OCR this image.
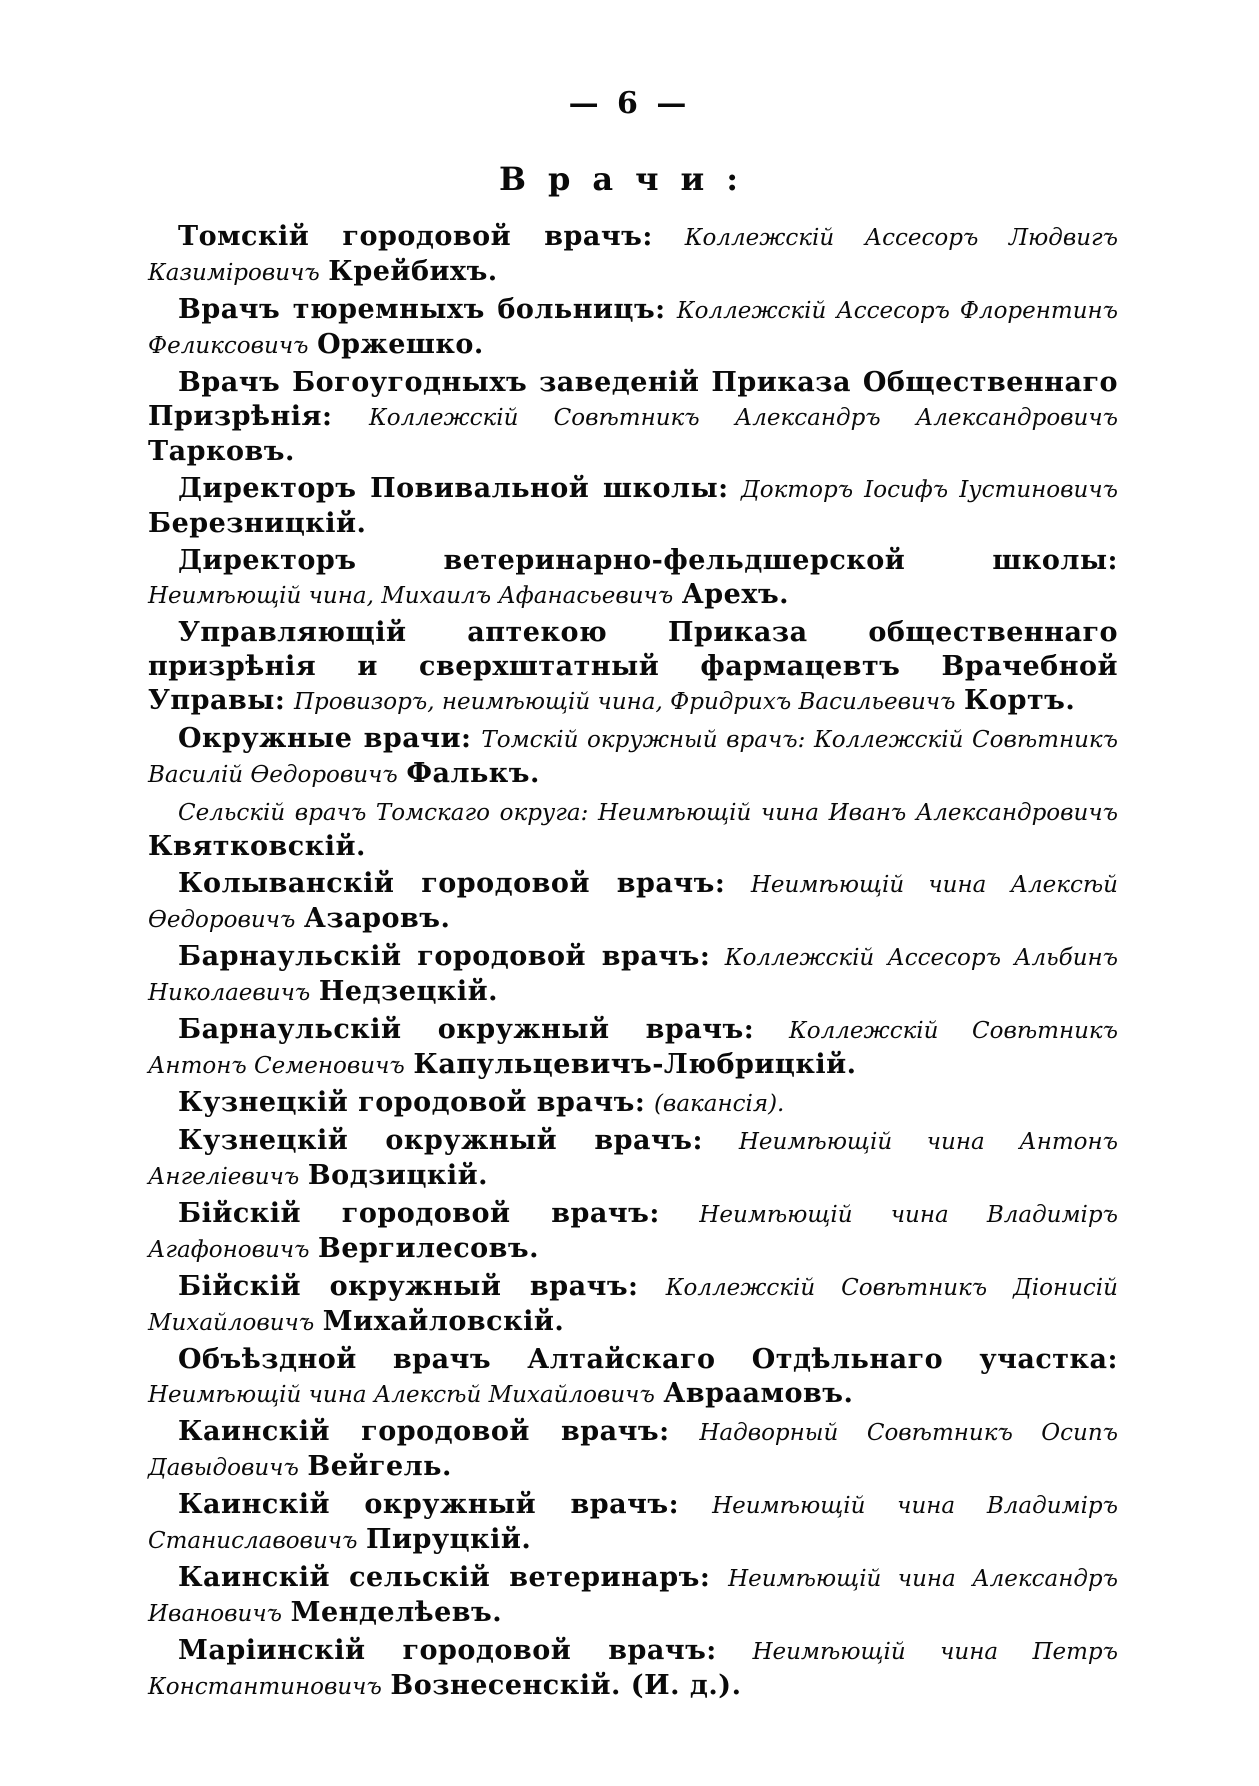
— 6 —
Врачи:

Томскій городовой врачъ: Коллежскій Ассесоръ Людвигъ Казиміровичъ Крейбихъ.

Врачъ тюремныхъ больницъ: Коллежскій Ассесоръ Флорентинъ Феликсовичъ Оржешко.

Врачъ Богоугодныхъ заведеній Приказа Общественнаго Призрѣнія: Коллежскій Совѣтникъ Александръ Александровичъ Тарковъ.

Директоръ Повивальной школы: Докторъ Іосифъ Іустиновичъ Березницкій.

Директоръ ветеринарно-фельдшерской школы: Неимѣющій чина, Михаилъ Афанасьевичъ Арехъ.

Управляющій аптекою Приказа общественнаго призрѣнія и сверхштатный фармацевтъ Врачебной Управы: Провизоръ, неимѣющій чина, Фридрихъ Васильевичъ Кортъ.

Окружные врачи: Томскій окружный врачъ: Коллежскій Совѣтникъ Василій Ѳедоровичъ Фалькъ.

Сельскій врачъ Томскаго округа: Неимѣющій чина Иванъ Александровичъ Квятковскій.

Колыванскій городовой врачъ: Неимѣющій чина Алексѣй Ѳедоровичъ Азаровъ.

Барнаульскій городовой врачъ: Коллежскій Ассесоръ Альбинъ Николаевичъ Недзецкій.

Барнаульскій окружный врачъ: Коллежскій Совѣтникъ Антонъ Семеновичъ Капульцевичъ-Любрицкій.

Кузнецкій городовой врачъ: (вакансія).

Кузнецкій окружный врачъ: Неимѣющій чина Антонъ Ангеліевичъ Водзицкій.

Бійскій городовой врачъ: Неимѣющій чина Владиміръ Агафоновичъ Вергилесовъ.

Бійскій окружный врачъ: Коллежскій Совѣтникъ Діонисій Михайловичъ Михайловскій.

Объѣздной врачъ Алтайскаго Отдѣльнаго участка: Неимѣющій чина Алексѣй Михайловичъ Авраамовъ.

Каинскій городовой врачъ: Надворный Совѣтникъ Осипъ Давыдовичъ Вейгель.

Каинскій окружный врачъ: Неимѣющій чина Владиміръ Станиславовичъ Пируцкій.

Каинскій сельскій ветеринаръ: Неимѣющій чина Александръ Ивановичъ Менделѣевъ.

Маріинскій городовой врачъ: Неимѣющій чина Петръ Константиновичъ Вознесенскій. (И. д.).
